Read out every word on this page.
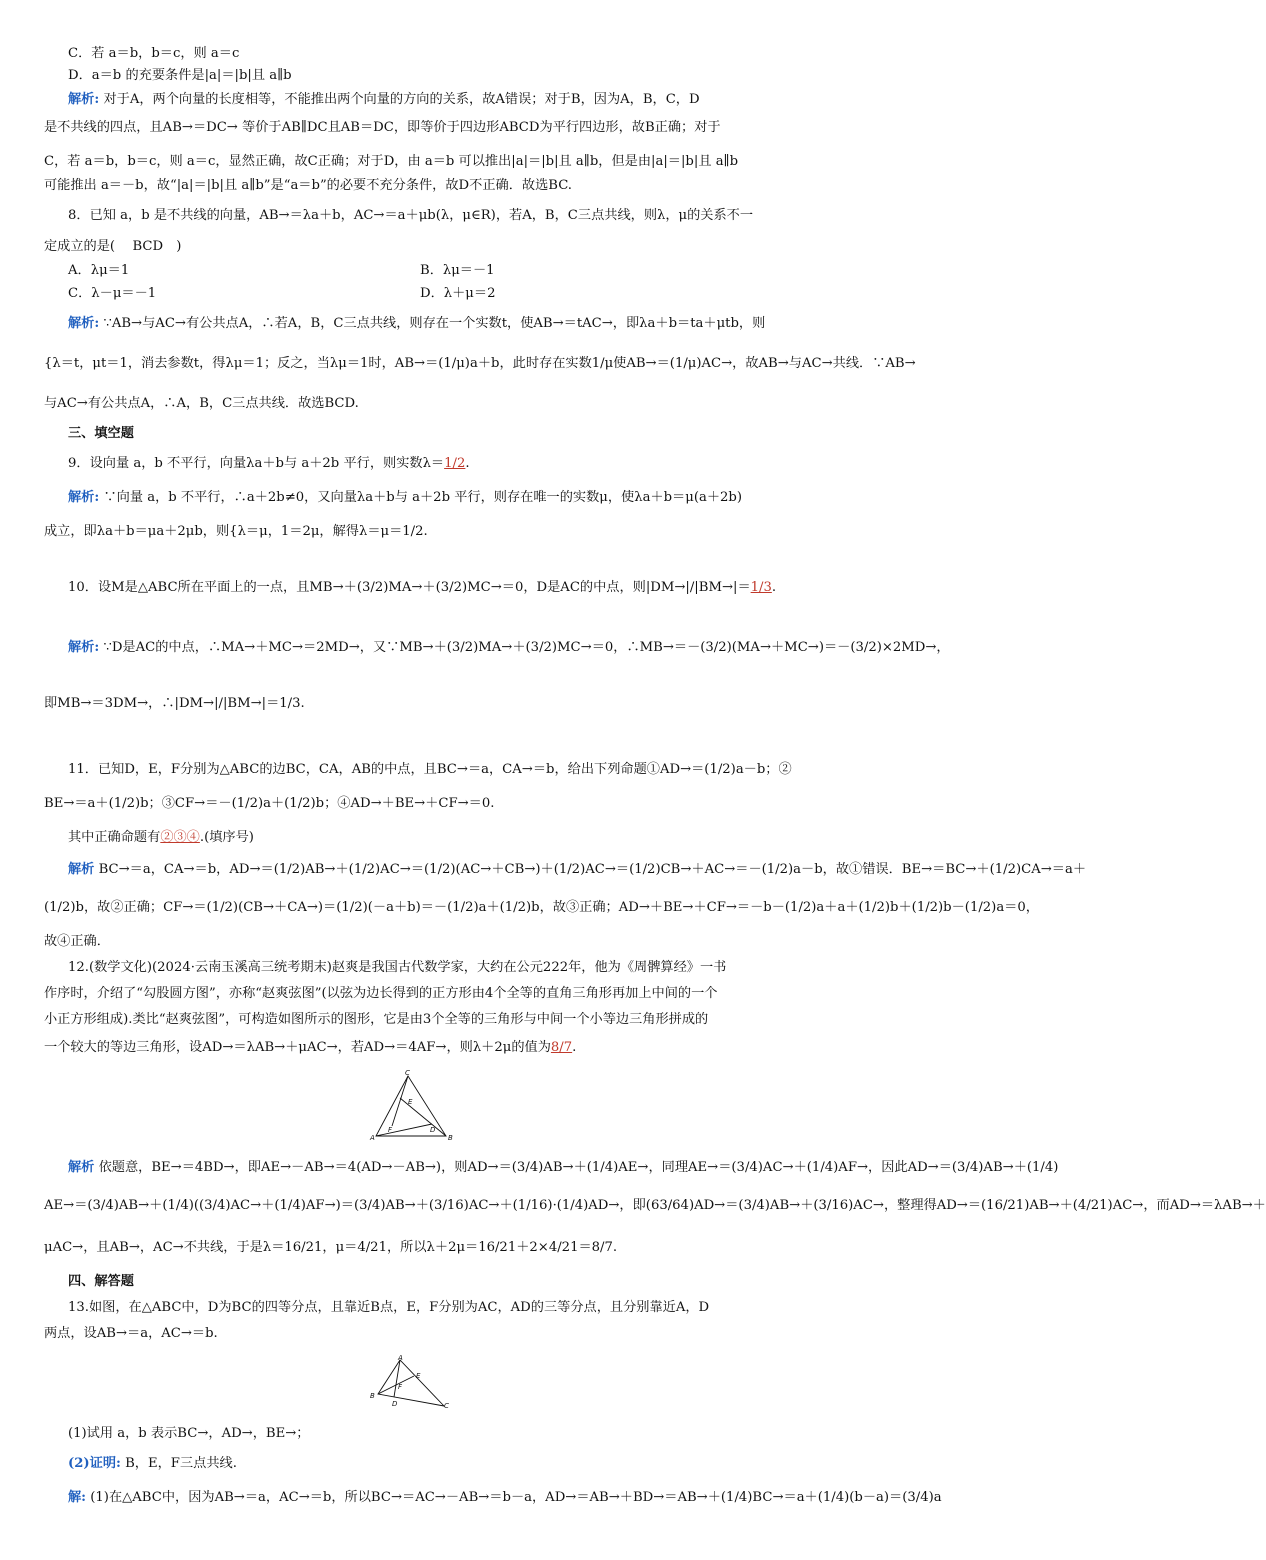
C．若 a＝b，b＝c，则 a＝c
D．a＝b 的充要条件是|a|＝|b|且 a∥b
解析: 对于A，两个向量的长度相等，不能推出两个向量的方向的关系，故A错误；对于B，因为A，B，C，D
是不共线的四点，且AB→＝DC→ 等价于AB∥DC且AB＝DC，即等价于四边形ABCD为平行四边形，故B正确；对于
C，若 a＝b，b＝c，则 a＝c，显然正确，故C正确；对于D，由 a＝b 可以推出|a|＝|b|且 a∥b，但是由|a|＝|b|且 a∥b
可能推出 a＝－b，故“|a|＝|b|且 a∥b”是“a＝b”的必要不充分条件，故D不正确．故选BC.
8．已知 a，b 是不共线的向量，AB→＝λa＋b，AC→＝a＋μb(λ，μ∈R)，若A，B，C三点共线，则λ，μ的关系不一
定成立的是(　 BCD　)
A．λμ＝1	B．λμ＝－1
C．λ－μ＝－1	D．λ＋μ＝2
解析: ∵AB→与AC→有公共点A，∴若A，B，C三点共线，则存在一个实数t，使AB→＝tAC→，即λa＋b＝ta＋μtb，则
{λ＝t，μt＝1，消去参数t，得λμ＝1；反之，当λμ＝1时，AB→＝(1/μ)a＋b，此时存在实数1/μ使AB→＝(1/μ)AC→，故AB→与AC→共线．∵AB→
与AC→有公共点A，∴A，B，C三点共线．故选BCD.
三、填空题
9．设向量 a，b 不平行，向量λa＋b与 a＋2b 平行，则实数λ＝1/2.
解析: ∵向量 a，b 不平行，∴a＋2b≠0，又向量λa＋b与 a＋2b 平行，则存在唯一的实数μ，使λa＋b＝μ(a＋2b)
成立，即λa＋b＝μa＋2μb，则{λ＝μ，1＝2μ，解得λ＝μ＝1/2.
10．设M是△ABC所在平面上的一点，且MB→＋(3/2)MA→＋(3/2)MC→＝0，D是AC的中点，则|DM→|/|BM→|＝1/3.
解析: ∵D是AC的中点，∴MA→＋MC→＝2MD→，又∵MB→＋(3/2)MA→＋(3/2)MC→＝0，∴MB→＝－(3/2)(MA→＋MC→)＝－(3/2)×2MD→，
即MB→＝3DM→，∴|DM→|/|BM→|＝1/3.
11．已知D，E，F分别为△ABC的边BC，CA，AB的中点，且BC→＝a，CA→＝b，给出下列命题①AD→＝(1/2)a－b；②
BE→＝a＋(1/2)b；③CF→＝－(1/2)a＋(1/2)b；④AD→＋BE→＋CF→＝0.
其中正确命题有②③④.(填序号)
解析 BC→＝a，CA→＝b，AD→＝(1/2)AB→＋(1/2)AC→＝(1/2)(AC→＋CB→)＋(1/2)AC→＝(1/2)CB→＋AC→＝－(1/2)a－b，故①错误．BE→＝BC→＋(1/2)CA→＝a＋
(1/2)b，故②正确；CF→＝(1/2)(CB→＋CA→)＝(1/2)(－a＋b)＝－(1/2)a＋(1/2)b，故③正确；AD→＋BE→＋CF→＝－b－(1/2)a＋a＋(1/2)b＋(1/2)b－(1/2)a＝0，
故④正确．
12.(数学文化)(2024·云南玉溪高三统考期末)赵爽是我国古代数学家，大约在公元222年，他为《周髀算经》一书
作序时，介绍了“勾股圆方图”，亦称“赵爽弦图”(以弦为边长得到的正方形由4个全等的直角三角形再加上中间的一个
小正方形组成).类比“赵爽弦图”，可构造如图所示的图形，它是由3个全等的三角形与中间一个小等边三角形拼成的
一个较大的等边三角形，设AD→＝λAB→＋μAC→，若AD→＝4AF→，则λ＋2μ的值为8/7.
C
A	B
D
E
F
解析 依题意，BE→＝4BD→，即AE→－AB→＝4(AD→－AB→)，则AD→＝(3/4)AB→＋(1/4)AE→，同理AE→＝(3/4)AC→＋(1/4)AF→，因此AD→＝(3/4)AB→＋(1/4)
AE→＝(3/4)AB→＋(1/4)((3/4)AC→＋(1/4)AF→)＝(3/4)AB→＋(3/16)AC→＋(1/16)·(1/4)AD→，即(63/64)AD→＝(3/4)AB→＋(3/16)AC→，整理得AD→＝(16/21)AB→＋(4/21)AC→，而AD→＝λAB→＋
μAC→，且AB→，AC→不共线，于是λ＝16/21，μ＝4/21，所以λ＋2μ＝16/21＋2×4/21＝8/7.
四、解答题
13.如图，在△ABC中，D为BC的四等分点，且靠近B点，E，F分别为AC，AD的三等分点，且分别靠近A，D
两点，设AB→＝a，AC→＝b.
A
B
C
D
E
F
(1)试用 a，b 表示BC→，AD→，BE→；
(2)证明: B，E，F三点共线.
解: (1)在△ABC中，因为AB→＝a，AC→＝b，所以BC→＝AC→－AB→＝b－a，AD→＝AB→＋BD→＝AB→＋(1/4)BC→＝a＋(1/4)(b－a)＝(3/4)a
